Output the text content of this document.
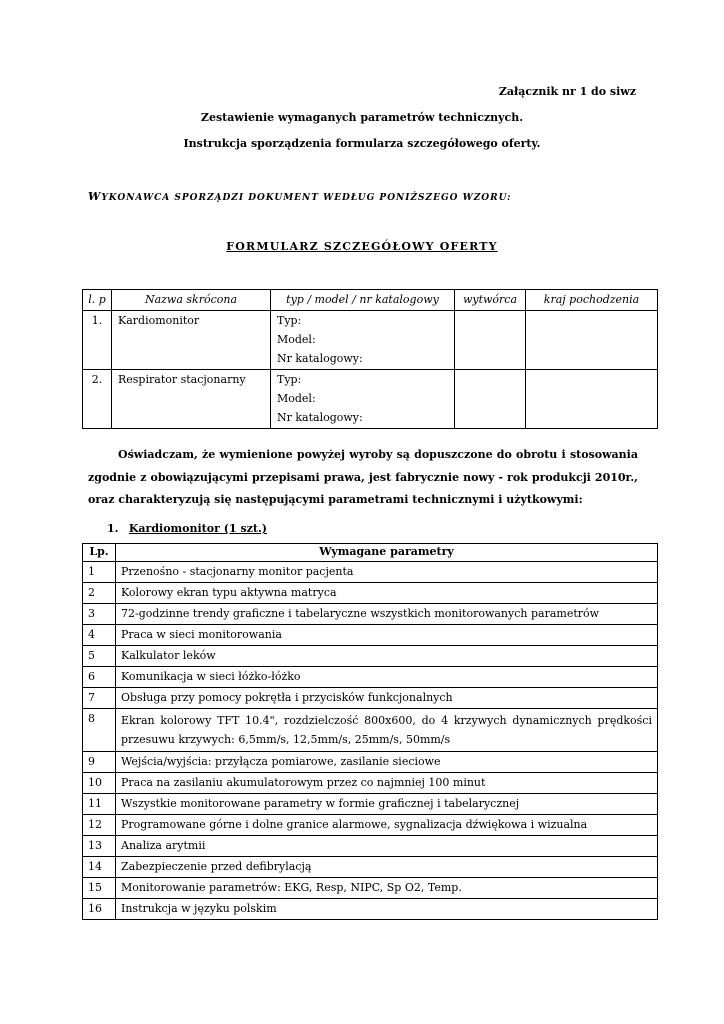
Załącznik nr 1 do siwz
Zestawienie wymaganych parametrów technicznych.
Instrukcja sporządzenia formularza szczegółowego oferty.
WYKONAWCA SPORZĄDZI DOKUMENT WEDŁUG PONIŻSZEGO WZORU:
FORMULARZ SZCZEGÓŁOWY OFERTY
l. p	Nazwa skrócona	typ / model / nr katalogowy	wytwórca	kraj pochodzenia
1.	Kardiomonitor	Typ:
Model:
Nr katalogowy:		

2.	Respirator stacjonarny	Typ:
Model:
Nr katalogowy:		

Oświadczam, że wymienione powyżej wyroby są dopuszczone do obrotu i stosowania zgodnie z obowiązującymi przepisami prawa, jest fabrycznie nowy - rok produkcji 2010r., oraz charakteryzują się następującymi parametrami technicznymi i użytkowymi:
1. Kardiomonitor (1 szt.)
Lp.	Wymagane parametry
1	Przenośno - stacjonarny monitor pacjenta
2	Kolorowy ekran typu aktywna matryca
3	72-godzinne trendy graficzne i tabelaryczne wszystkich monitorowanych parametrów
4	Praca w sieci monitorowania
5	Kalkulator leków
6	Komunikacja w sieci łóżko-łóżko
7	Obsługa przy pomocy pokrętła i przycisków funkcjonalnych
8	Ekran kolorowy TFT 10.4", rozdzielczość 800x600, do 4 krzywych dynamicznych prędkości przesuwu krzywych: 6,5mm/s, 12,5mm/s, 25mm/s, 50mm/s
9	Wejścia/wyjścia: przyłącza pomiarowe, zasilanie sieciowe
10	Praca na zasilaniu akumulatorowym przez co najmniej 100 minut
11	Wszystkie monitorowane parametry w formie graficznej i tabelarycznej
12	Programowane górne i dolne granice alarmowe, sygnalizacja dźwiękowa i wizualna
13	Analiza arytmii
14	Zabezpieczenie przed defibrylacją
15	Monitorowanie parametrów: EKG, Resp, NIPC, Sp O2, Temp.
16	Instrukcja w języku polskim
